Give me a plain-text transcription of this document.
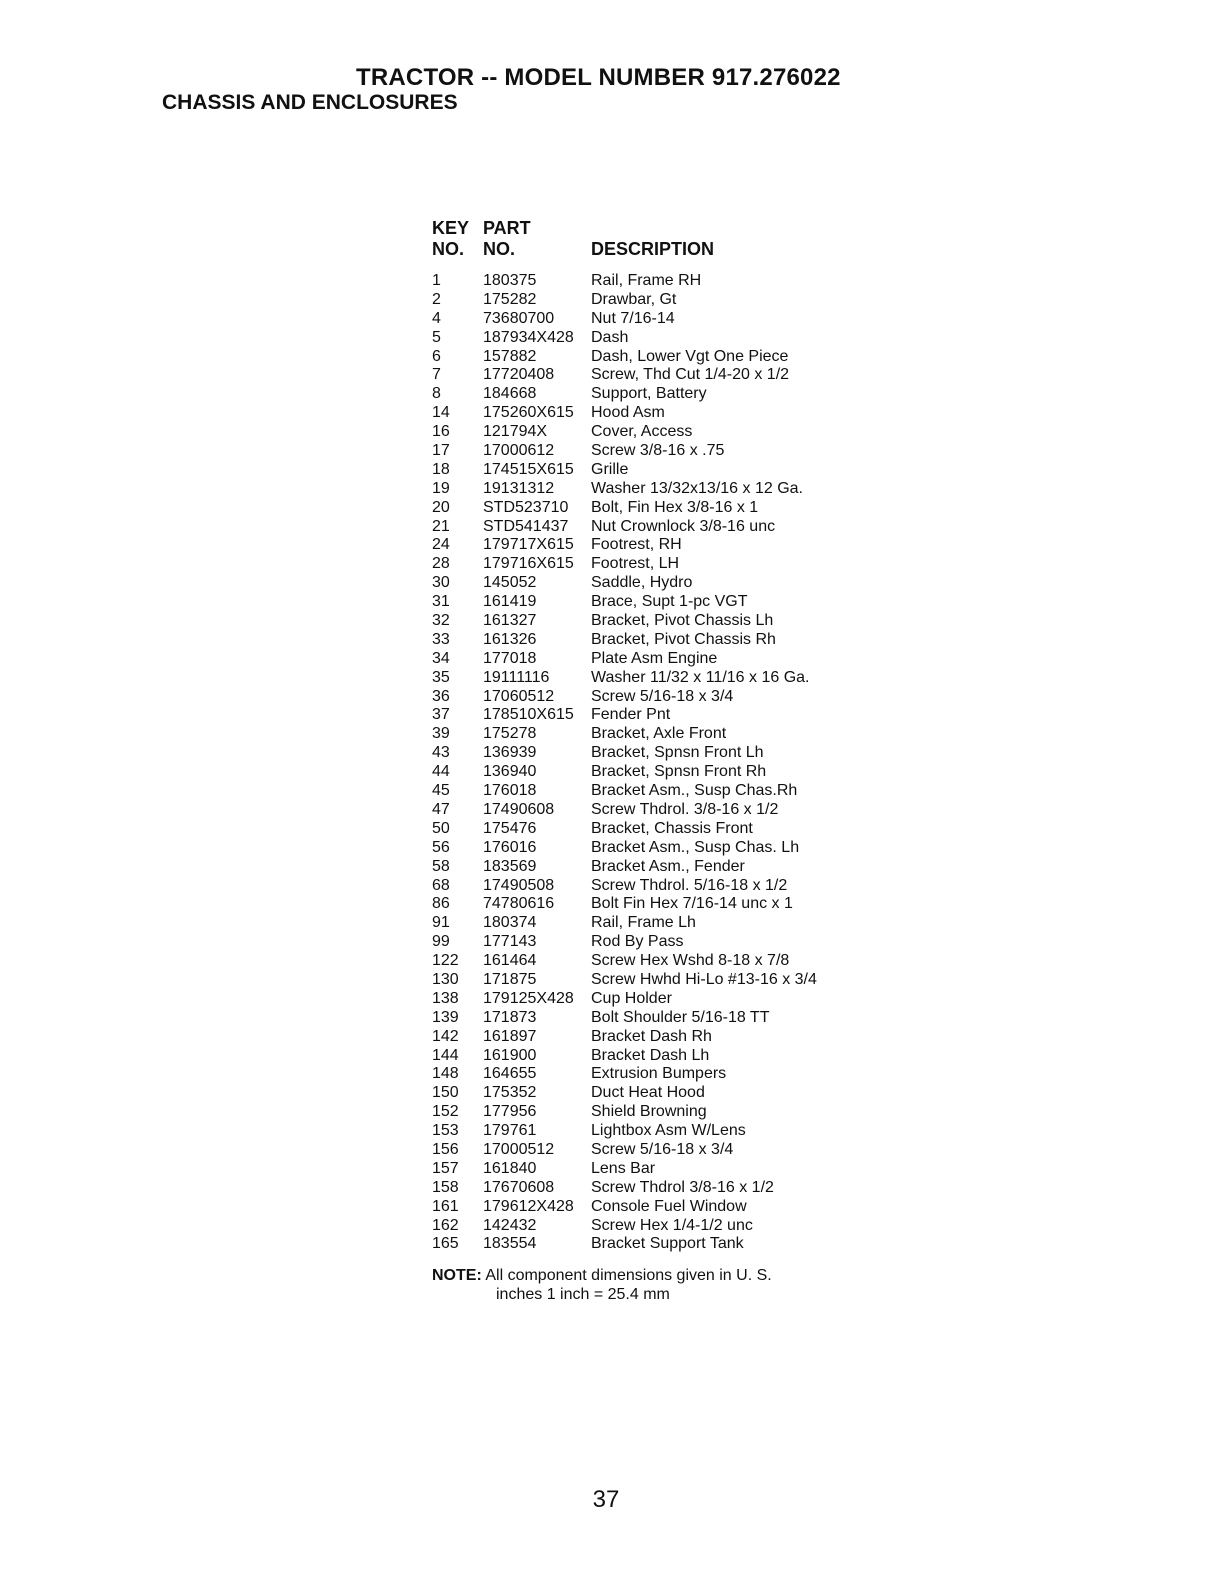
TRACTOR -- MODEL NUMBER 917.276022
CHASSIS AND ENCLOSURES
KEY PART
NO.	NO.	DESCRIPTION
1	180375	Rail, Frame RH
2	175282	Drawbar, Gt
4	73680700	Nut 7/16-14
5	187934X428	Dash
6	157882	Dash, Lower Vgt One Piece
7	17720408	Screw, Thd Cut 1/4-20 x 1/2
8	184668	Support, Battery
14	175260X615	Hood Asm
16	121794X	Cover, Access
17	17000612	Screw 3/8-16 x .75
18	174515X615	Grille
19	19131312	Washer 13/32x13/16 x 12 Ga.
20	STD523710	Bolt, Fin Hex 3/8-16 x 1
21	STD541437	Nut Crownlock 3/8-16 unc
24	179717X615	Footrest, RH
28	179716X615	Footrest, LH
30	145052	Saddle, Hydro
31	161419	Brace, Supt 1-pc VGT
32	161327	Bracket, Pivot Chassis Lh
33	161326	Bracket, Pivot Chassis Rh
34	177018	Plate Asm Engine
35	19111116	Washer 11/32 x 11/16 x 16 Ga.
36	17060512	Screw 5/16-18 x 3/4
37	178510X615	Fender Pnt
39	175278	Bracket, Axle Front
43	136939	Bracket, Spnsn Front Lh
44	136940	Bracket, Spnsn Front Rh
45	176018	Bracket Asm., Susp Chas.Rh
47	17490608	Screw Thdrol. 3/8-16 x 1/2
50	175476	Bracket, Chassis Front
56	176016	Bracket Asm., Susp Chas. Lh
58	183569	Bracket Asm., Fender
68	17490508	Screw Thdrol. 5/16-18 x 1/2
86	74780616	Bolt Fin Hex 7/16-14 unc x 1
91	180374	Rail, Frame Lh
99	177143	Rod By Pass
122	161464	Screw Hex Wshd 8-18 x 7/8
130	171875	Screw Hwhd Hi-Lo #13-16 x 3/4
138	179125X428	Cup Holder
139	171873	Bolt Shoulder 5/16-18 TT
142	161897	Bracket Dash Rh
144	161900	Bracket Dash Lh
148	164655	Extrusion Bumpers
150	175352	Duct Heat Hood
152	177956	Shield Browning
153	179761	Lightbox Asm W/Lens
156	17000512	Screw 5/16-18 x 3/4
157	161840	Lens Bar
158	17670608	Screw Thdrol 3/8-16 x 1/2
161	179612X428	Console Fuel Window
162	142432	Screw Hex 1/4-1/2 unc
165	183554	Bracket Support Tank
NOTE: All component dimensions given in U. S.
inches 1 inch = 25.4 mm
37
